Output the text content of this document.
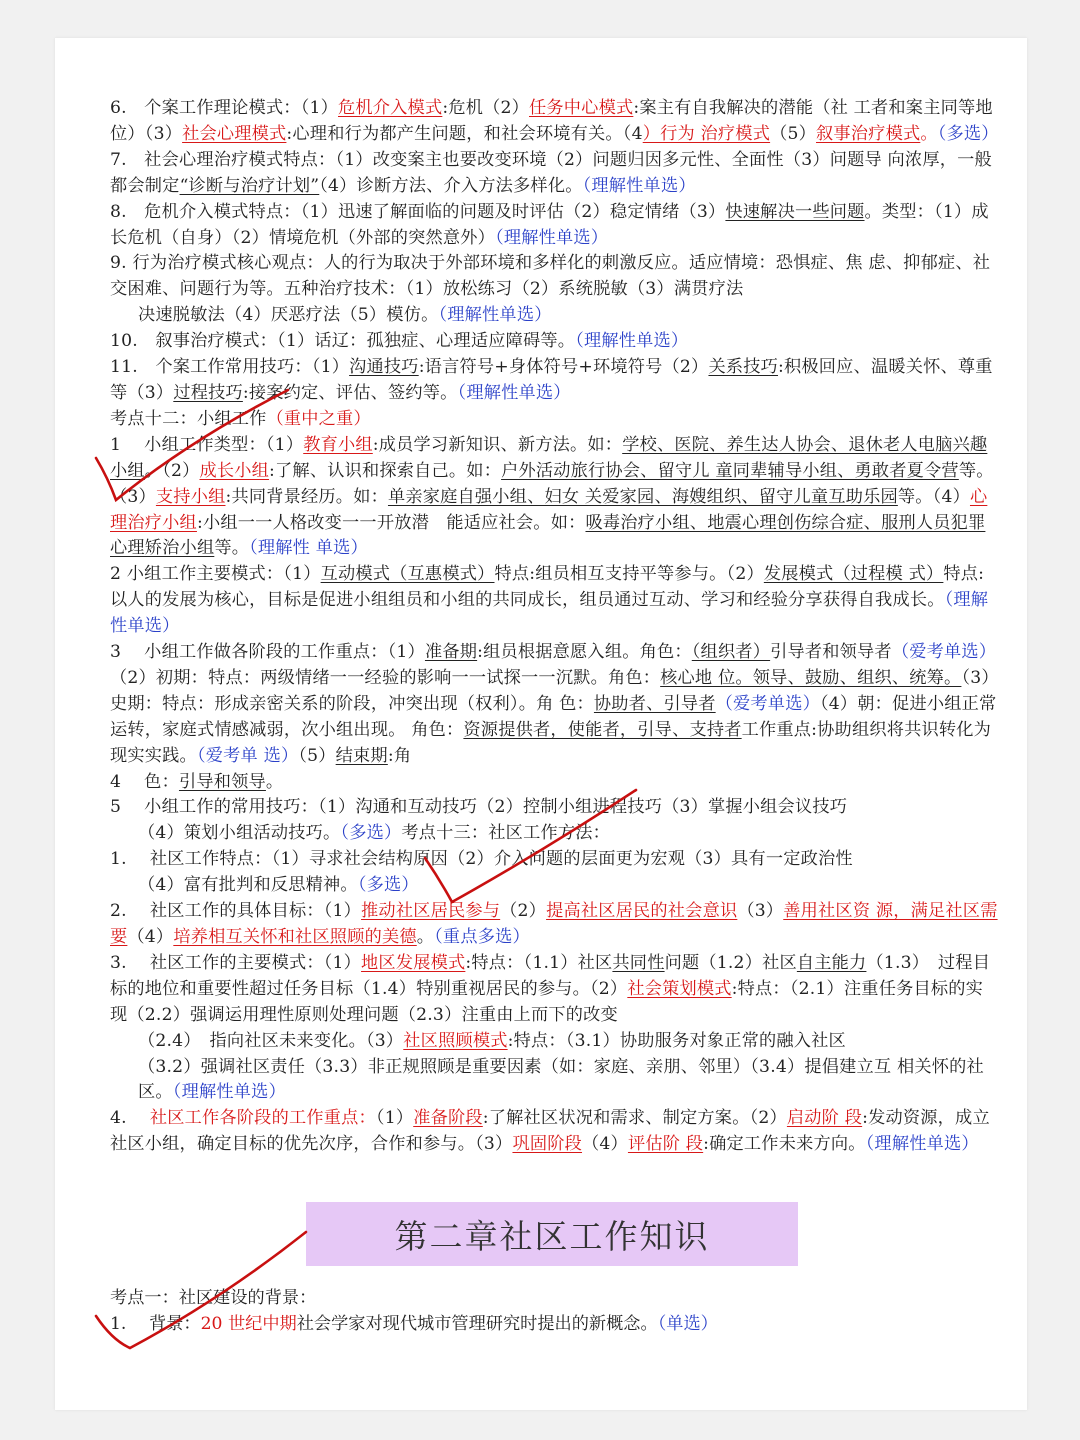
6.　个案工作理论模式：（1）危机介入模式:危机（2）任务中心模式:案主有自我解决的潜能（社 工者和案主同等地位）（3）社会心理模式:心理和行为都产生问题，和社会环境有关。（4）行为 治疗模式（5）叙事治疗模式。（多选）

7.　社会心理治疗模式特点：（1）改变案主也要改变环境（2）问题归因多元性、全面性（3）问题导 向浓厚，一般都会制定“诊断与治疗计划”（4）诊断方法、介入方法多样化。（理解性单选）

8.　危机介入模式特点：（1）迅速了解面临的问题及时评估（2）稳定情绪（3）快速解决一些问题。类型：（1）成长危机（自身）（2）情境危机（外部的突然意外）（理解性单选）

9. 行为治疗模式核心观点：人的行为取决于外部环境和多样化的刺激反应。适应情境：恐惧症、焦 虑、抑郁症、社交困难、问题行为等。五种治疗技术：（1）放松练习（2）系统脱敏（3）满贯疗法

决速脱敏法（4）厌恶疗法（5）模仿。（理解性单选）

10.　叙事治疗模式：（1）话辽：孤独症、心理适应障碍等。（理解性单选）

11.　个案工作常用技巧：（1）沟通技巧:语言符号+身体符号+环境符号（2）关系技巧:积极回应、温暖关怀、尊重等（3）过程技巧:接案约定、评估、签约等。（理解性单选）

考点十二：小组工作（重中之重）

1　 小组工作类型：（1）教育小组:成员学习新知识、新方法。如：学校、医院、养生达人协会、退休老人电脑兴趣小组。（2）成长小组:了解、认识和探索自己。如：户外活动旅行协会、留守儿 童同辈辅导小组、勇敢者夏令营等。（3）支持小组:共同背景经历。如：单亲家庭自强小组、妇女 关爱家园、海嫂组织、留守儿童互助乐园等。（4）心理治疗小组:小组一一人格改变一一开放潜　能适应社会。如：吸毒治疗小组、地震心理创伤综合症、服刑人员犯罪心理矫治小组等。（理解性 单选）

2 小组工作主要模式：（1）互动模式（互惠模式）特点:组员相互支持平等参与。（2）发展模式（过程模 式）特点:以人的发展为核心，目标是促进小组组员和小组的共同成长，组员通过互动、学习和经验分享获得自我成长。（理解性单选）

3　 小组工作做各阶段的工作重点：（1）准备期:组员根据意愿入组。角色：（组织者）引导者和领导者（爱考单选）（2）初期：特点：两级情绪一一经验的影响一一试探一一沉默。角色：核心地 位。领导、鼓励、组织、统筹。（3）史期：特点：形成亲密关系的阶段，冲突出现（权利）。角 色：协助者、引导者（爱考单选）（4）朝：促进小组正常运转，家庭式情感减弱，次小组出现。 角色：资源提供者，使能者，引导、支持者工作重点:协助组织将共识转化为现实实践。（爱考单 选）（5）结束期:角

4　 色：引导和领导。

5　 小组工作的常用技巧：（1）沟通和互动技巧（2）控制小组进程技巧（3）掌握小组会议技巧

（4）策划小组活动技巧。（多选）考点十三：社区工作方法：

1.　 社区工作特点：（1）寻求社会结构原因（2）介入问题的层面更为宏观（3）具有一定政治性

（4）富有批判和反思精神。（多选）

2.　 社区工作的具体目标：（1）推动社区居民参与（2）提高社区居民的社会意识（3）善用社区资 源，满足社区需要（4）培养相互关怀和社区照顾的美德。（重点多选）

3.　 社区工作的主要模式：（1）地区发展模式:特点：（1.1）社区共同性问题（1.2）社区自主能力（1.3）　过程目标的地位和重要性超过任务目标（1.4）特别重视居民的参与。（2）社会策划模式:特点：（2.1）注重任务目标的实现（2.2）强调运用理性原则处理问题（2.3）注重由上而下的改变

（2.4）　指向社区未来变化。（3）社区照顾模式:特点：（3.1）协助服务对象正常的融入社区

（3.2）强调社区责任（3.3）非正规照顾是重要因素（如：家庭、亲朋、邻里）（3.4）提倡建立互 相关怀的社区。（理解性单选）

4.　 社区工作各阶段的工作重点：（1）准备阶段:了解社区状况和需求、制定方案。（2）启动阶 段:发动资源，成立社区小组，确定目标的优先次序，合作和参与。（3）巩固阶段（4）评估阶 段:确定工作未来方向。（理解性单选）

第二章社区工作知识

考点一：社区建设的背景：

1.　 背景：20 世纪中期社会学家对现代城市管理研究时提出的新概念。（单选）
